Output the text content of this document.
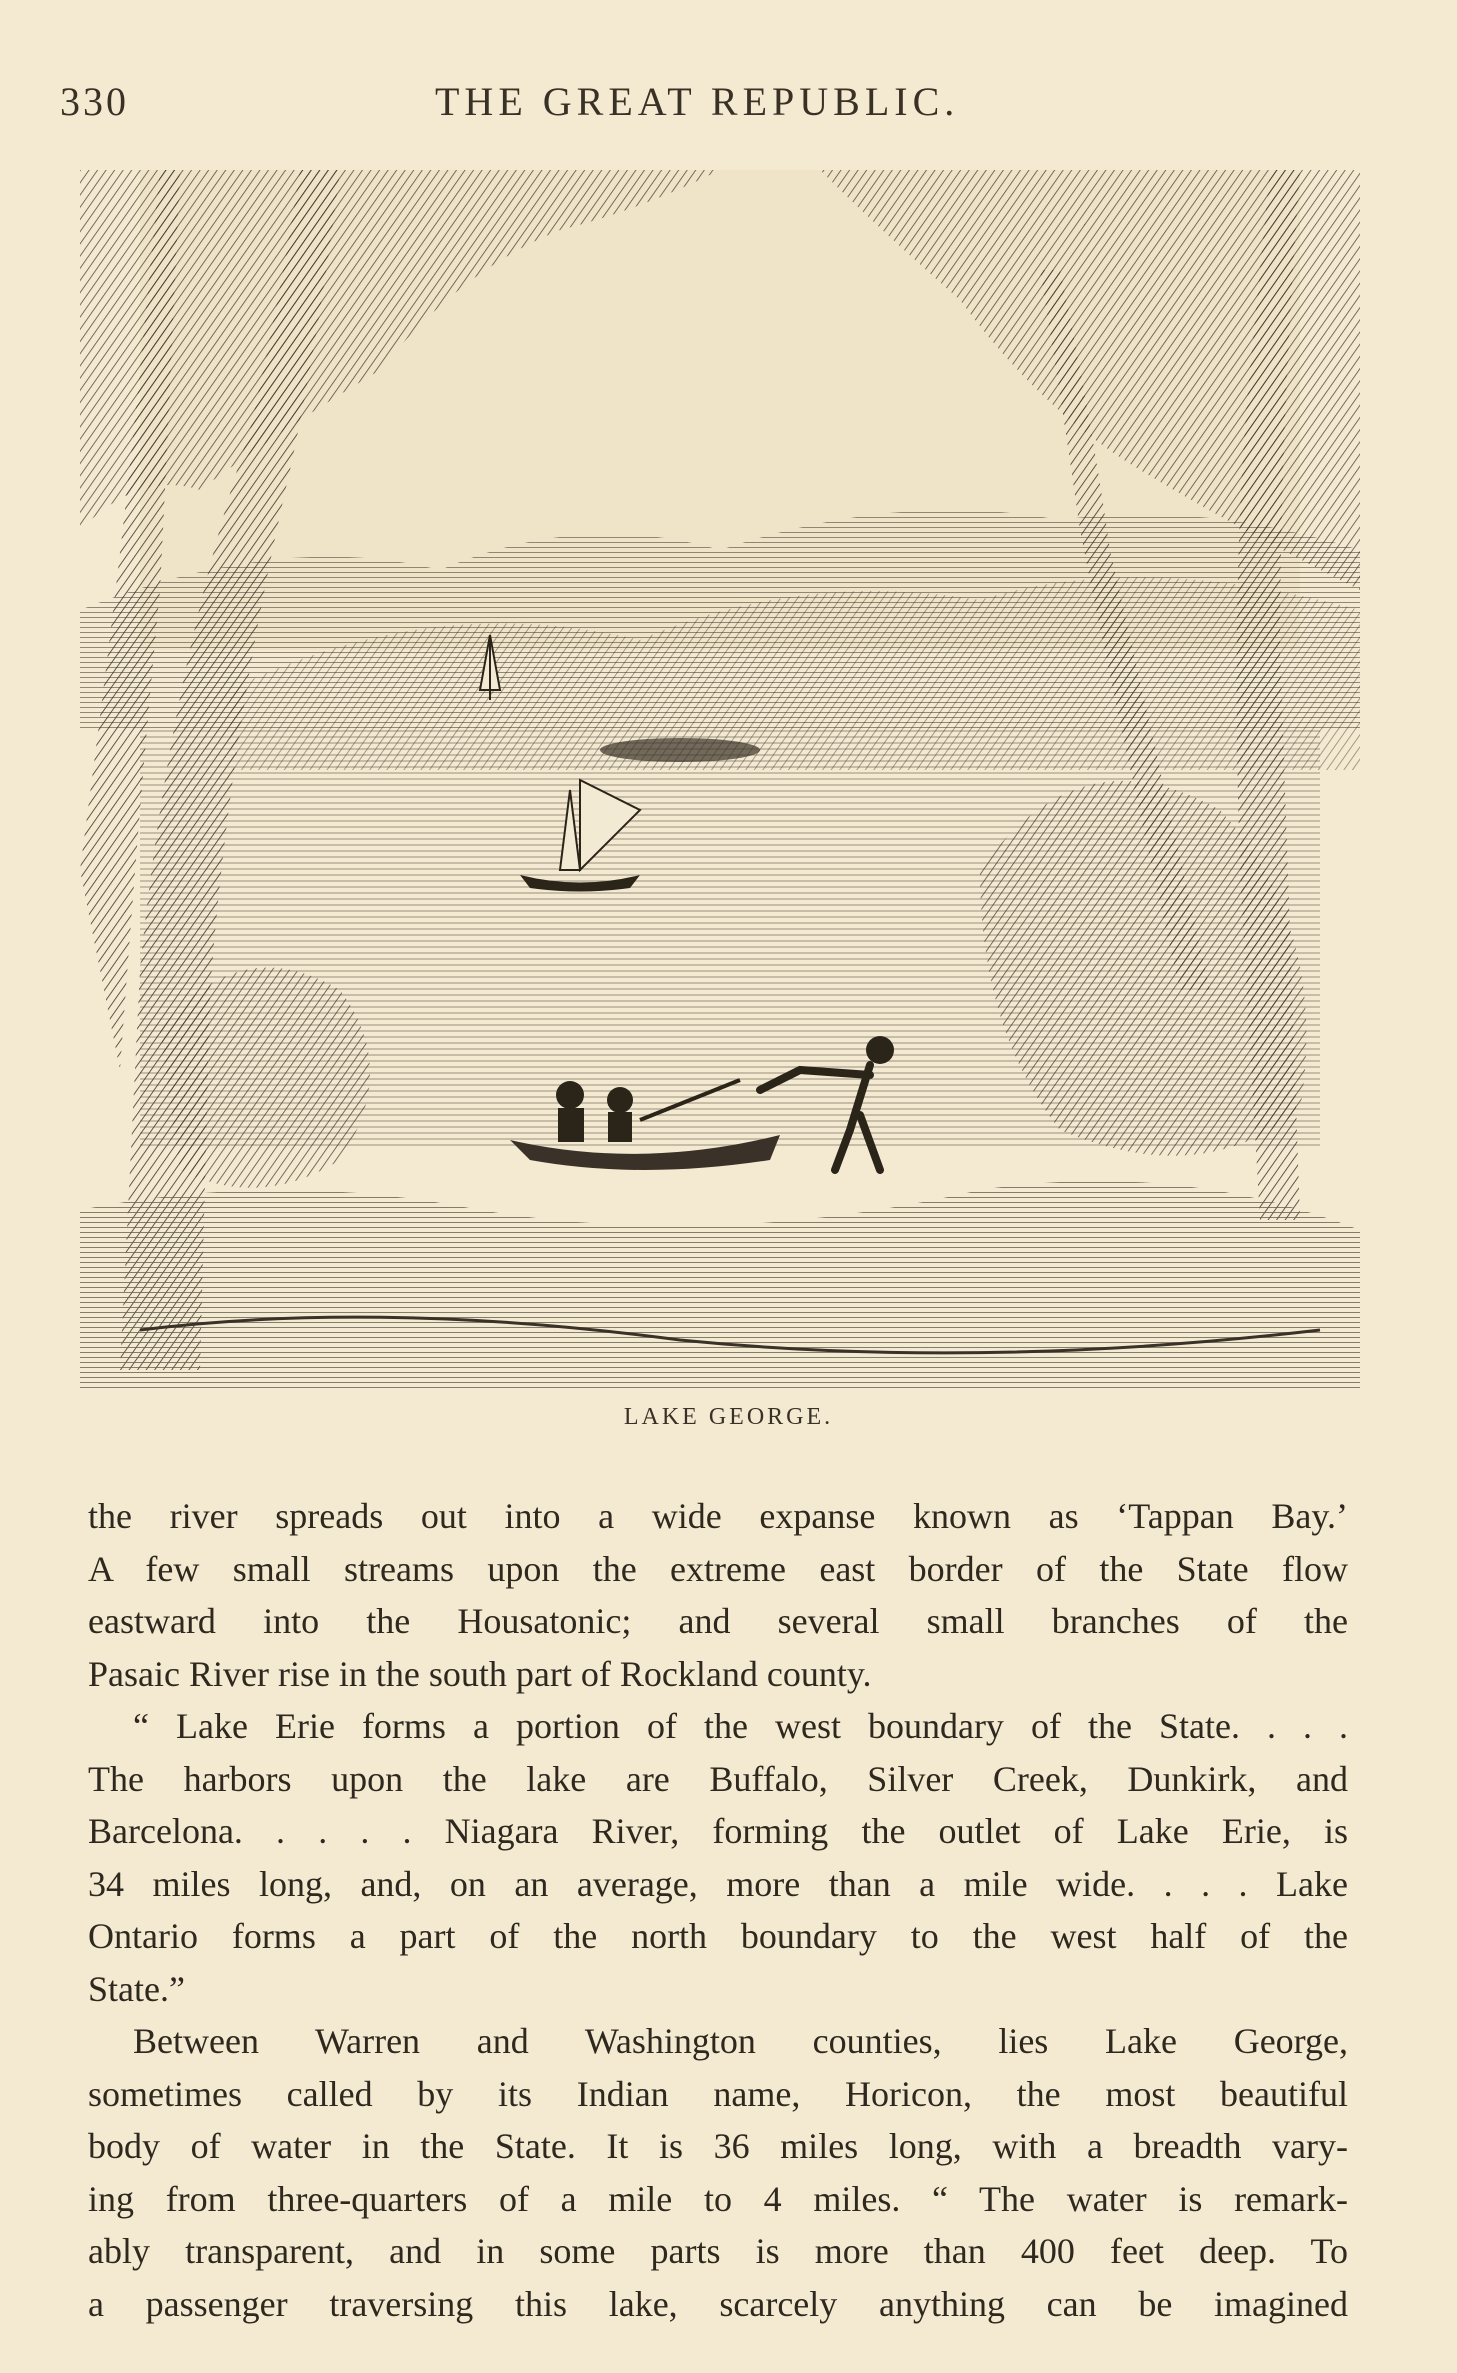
330	THE GREAT REPUBLIC.
LAKE GEORGE.

the river spreads out into a wide expanse known as ‘Tappan Bay.’
A few small streams upon the extreme east border of the State flow
eastward into the Housatonic; and several small branches of the
Pasaic River rise in the south part of Rockland county.

“ Lake Erie forms a portion of the west boundary of the State. . . .
The harbors upon the lake are Buffalo, Silver Creek, Dunkirk, and
Barcelona. . . . . Niagara River, forming the outlet of Lake Erie, is
34 miles long, and, on an average, more than a mile wide. . . . Lake
Ontario forms a part of the north boundary to the west half of the
State.”

Between Warren and Washington counties, lies Lake George,
sometimes called by its Indian name, Horicon, the most beautiful
body of water in the State. It is 36 miles long, with a breadth vary-
ing from three-quarters of a mile to 4 miles. “ The water is remark-
ably transparent, and in some parts is more than 400 feet deep. To
a passenger traversing this lake, scarcely anything can be imagined
